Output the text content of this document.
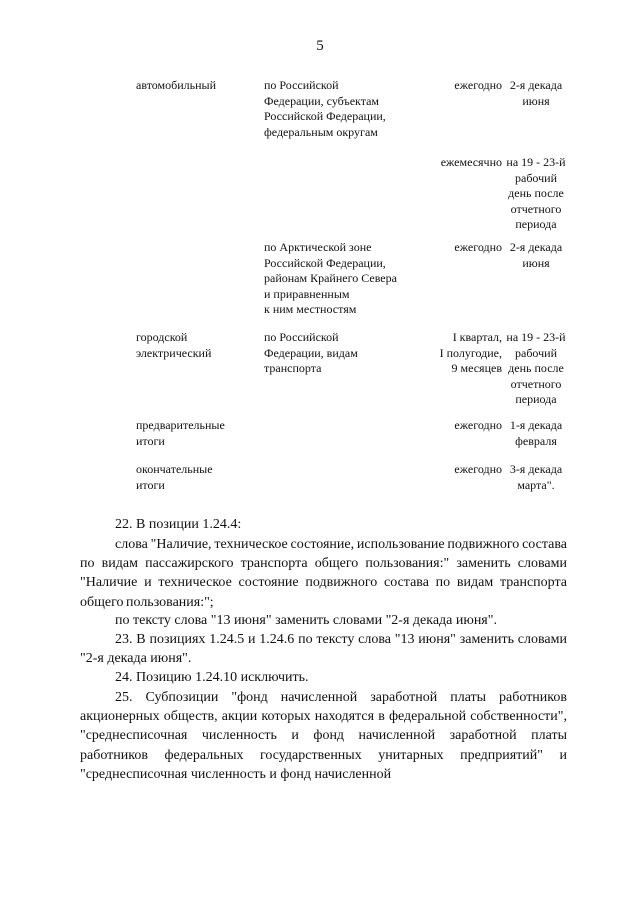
5
автомобильный	по Российской
Федерации, субъектам
Российской Федерации,
федеральным округам
ежегодно 2-я декада
июня
ежемесячно на 19 - 23-й
рабочий
день после
отчетного
периода
по Арктической зоне
Российской Федерации,
районам Крайнего Севера
и приравненным
к ним местностям
ежегодно 2-я декада
июня
городской
электрический
по Российской
Федерации, видам
транспорта
I квартал,
I полугодие,
9 месяцев
на 19 - 23-й
рабочий
день после
отчетного
периода
предварительные
итоги
ежегодно 1-я декада
февраля
окончательные
итоги
ежегодно 3-я декада
марта".
22. В позиции 1.24.4:
слова "Наличие, техническое состояние, использование подвижного состава по видам пассажирского транспорта общего пользования:" заменить словами "Наличие и техническое состояние подвижного состава по видам транспорта общего пользования:";
по тексту слова "13 июня" заменить словами "2-я декада июня".
23. В позициях 1.24.5 и 1.24.6 по тексту слова "13 июня" заменить словами "2-я декада июня".
24. Позицию 1.24.10 исключить.
25. Субпозиции "фонд начисленной заработной платы работников акционерных обществ, акции которых находятся в федеральной собственности", "среднесписочная численность и фонд начисленной заработной платы работников федеральных государственных унитарных предприятий" и "среднесписочная численность и фонд начисленной
